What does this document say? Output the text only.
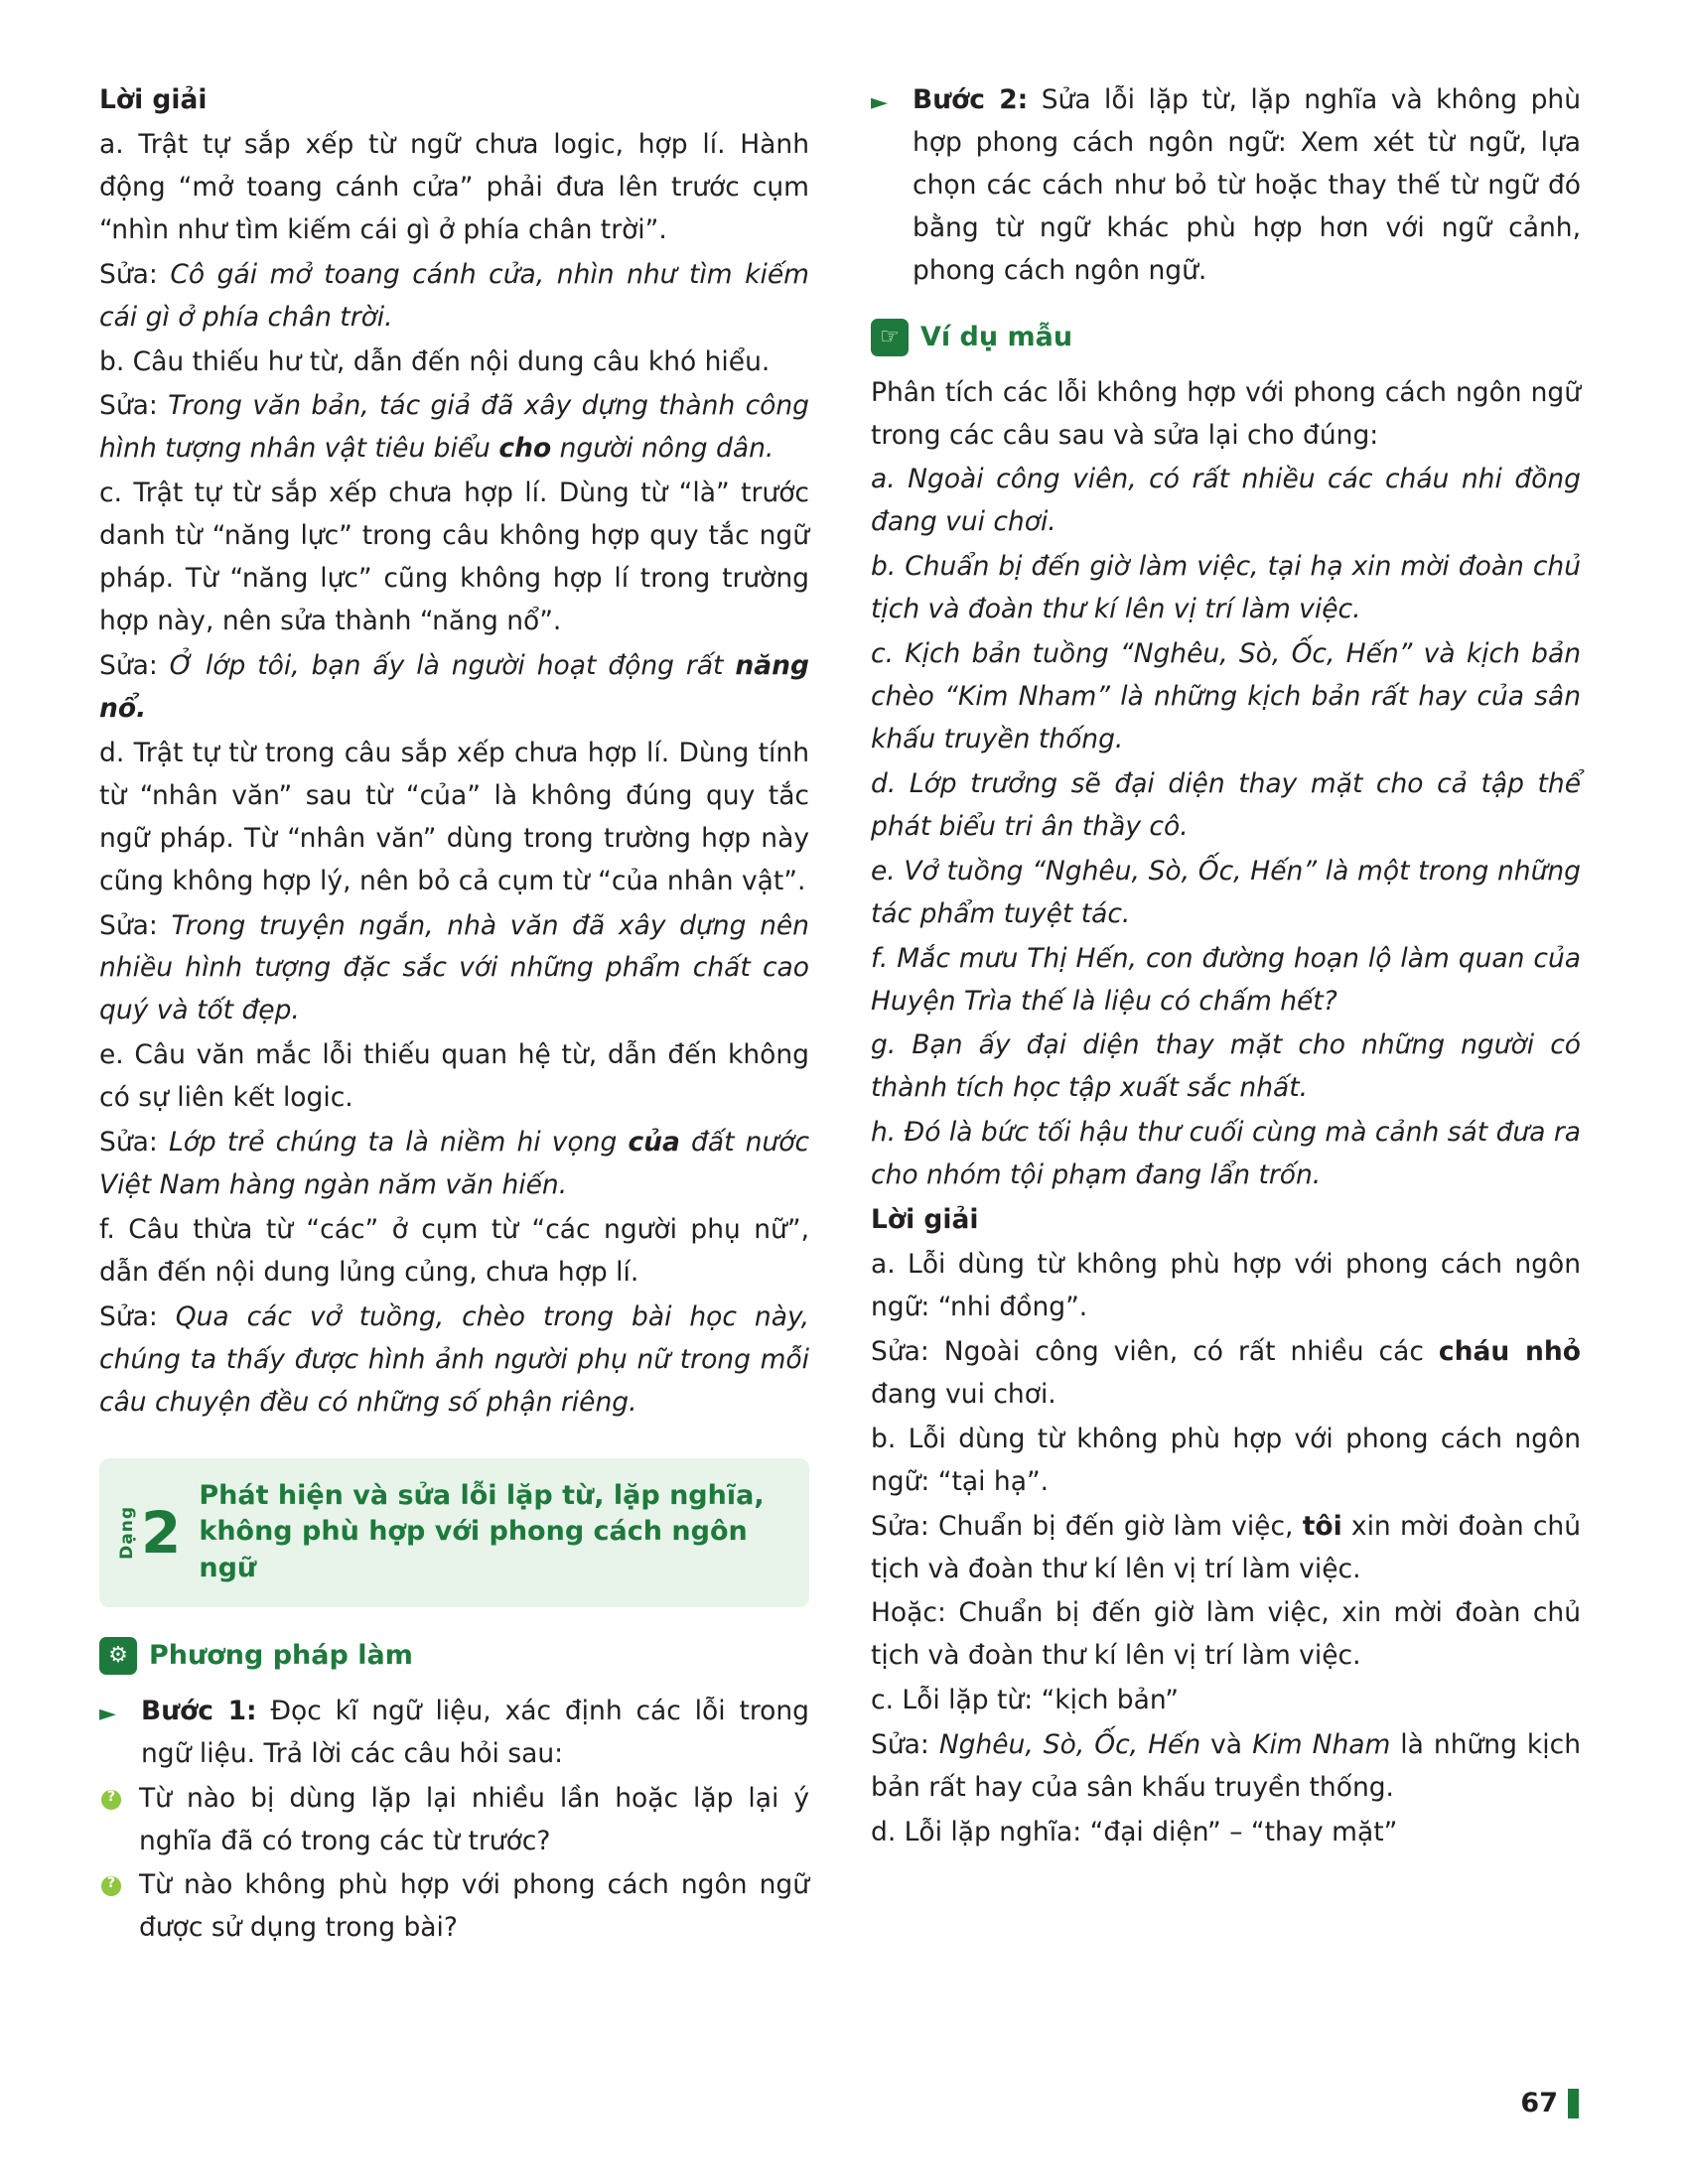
Lời giải

a. Trật tự sắp xếp từ ngữ chưa logic, hợp lí. Hành động “mở toang cánh cửa” phải đưa lên trước cụm “nhìn như tìm kiếm cái gì ở phía chân trời”.

Sửa: Cô gái mở toang cánh cửa, nhìn như tìm kiếm cái gì ở phía chân trời.

b. Câu thiếu hư từ, dẫn đến nội dung câu khó hiểu.

Sửa: Trong văn bản, tác giả đã xây dựng thành công hình tượng nhân vật tiêu biểu cho người nông dân.

c. Trật tự từ sắp xếp chưa hợp lí. Dùng từ “là” trước danh từ “năng lực” trong câu không hợp quy tắc ngữ pháp. Từ “năng lực” cũng không hợp lí trong trường hợp này, nên sửa thành “năng nổ”.

Sửa: Ở lớp tôi, bạn ấy là người hoạt động rất năng nổ.

d. Trật tự từ trong câu sắp xếp chưa hợp lí. Dùng tính từ “nhân văn” sau từ “của” là không đúng quy tắc ngữ pháp. Từ “nhân văn” dùng trong trường hợp này cũng không hợp lý, nên bỏ cả cụm từ “của nhân vật”.

Sửa: Trong truyện ngắn, nhà văn đã xây dựng nên nhiều hình tượng đặc sắc với những phẩm chất cao quý và tốt đẹp.

e. Câu văn mắc lỗi thiếu quan hệ từ, dẫn đến không có sự liên kết logic.

Sửa: Lớp trẻ chúng ta là niềm hi vọng của đất nước Việt Nam hàng ngàn năm văn hiến.

f. Câu thừa từ “các” ở cụm từ “các người phụ nữ”, dẫn đến nội dung lủng củng, chưa hợp lí.

Sửa: Qua các vở tuồng, chèo trong bài học này, chúng ta thấy được hình ảnh người phụ nữ trong mỗi câu chuyện đều có những số phận riêng.

Dạng 2
Phát hiện và sửa lỗi lặp từ, lặp nghĩa, không phù hợp với phong cách ngôn ngữ
⚙ Phương pháp làm

► Bước 1: Đọc kĩ ngữ liệu, xác định các lỗi trong ngữ liệu. Trả lời các câu hỏi sau:

?
Từ nào bị dùng lặp lại nhiều lần hoặc lặp lại ý nghĩa đã có trong các từ trước?

?
Từ nào không phù hợp với phong cách ngôn ngữ được sử dụng trong bài?

► Bước 2: Sửa lỗi lặp từ, lặp nghĩa và không phù hợp phong cách ngôn ngữ: Xem xét từ ngữ, lựa chọn các cách như bỏ từ hoặc thay thế từ ngữ đó bằng từ ngữ khác phù hợp hơn với ngữ cảnh, phong cách ngôn ngữ.

☞ Ví dụ mẫu

Phân tích các lỗi không hợp với phong cách ngôn ngữ trong các câu sau và sửa lại cho đúng:

a. Ngoài công viên, có rất nhiều các cháu nhi đồng đang vui chơi.

b. Chuẩn bị đến giờ làm việc, tại hạ xin mời đoàn chủ tịch và đoàn thư kí lên vị trí làm việc.

c. Kịch bản tuồng “Nghêu, Sò, Ốc, Hến” và kịch bản chèo “Kim Nham” là những kịch bản rất hay của sân khấu truyền thống.

d. Lớp trưởng sẽ đại diện thay mặt cho cả tập thể phát biểu tri ân thầy cô.

e. Vở tuồng “Nghêu, Sò, Ốc, Hến” là một trong những tác phẩm tuyệt tác.

f. Mắc mưu Thị Hến, con đường hoạn lộ làm quan của Huyện Trìa thế là liệu có chấm hết?

g. Bạn ấy đại diện thay mặt cho những người có thành tích học tập xuất sắc nhất.

h. Đó là bức tối hậu thư cuối cùng mà cảnh sát đưa ra cho nhóm tội phạm đang lẩn trốn.

Lời giải

a. Lỗi dùng từ không phù hợp với phong cách ngôn ngữ: “nhi đồng”.

Sửa: Ngoài công viên, có rất nhiều các cháu nhỏ đang vui chơi.

b. Lỗi dùng từ không phù hợp với phong cách ngôn ngữ: “tại hạ”.

Sửa: Chuẩn bị đến giờ làm việc, tôi xin mời đoàn chủ tịch và đoàn thư kí lên vị trí làm việc.

Hoặc: Chuẩn bị đến giờ làm việc, xin mời đoàn chủ tịch và đoàn thư kí lên vị trí làm việc.

c. Lỗi lặp từ: “kịch bản”

Sửa: Nghêu, Sò, Ốc, Hến và Kim Nham là những kịch bản rất hay của sân khấu truyền thống.

d. Lỗi lặp nghĩa: “đại diện” – “thay mặt”

67
